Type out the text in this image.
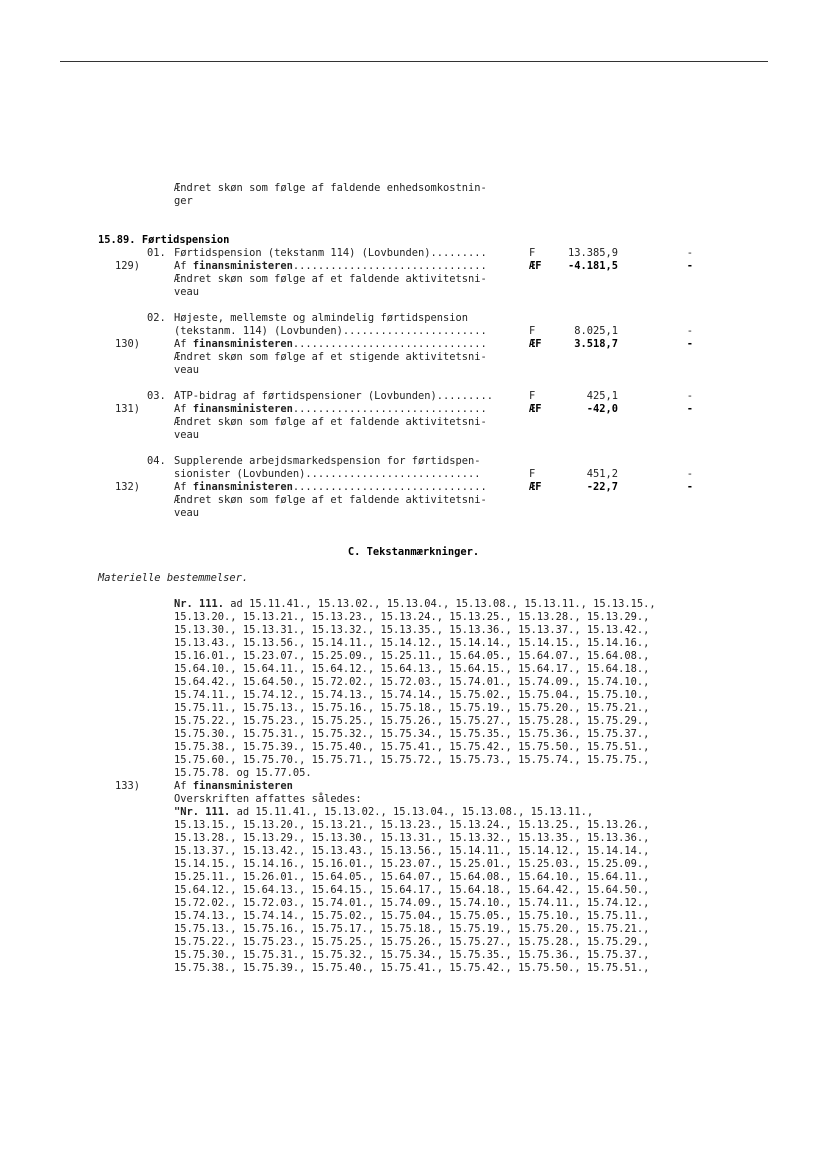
Ændret skøn som følge af faldende enhedsomkostnin-
ger
15.89. Førtidspension
01. Førtidspension (tekstanm 114) (Lovbunden).........	F	13.385,9	-
129)	Af finansministeren...............................	ÆF	-4.181,5	-
Ændret skøn som følge af et faldende aktivitetsni-
veau
02. Højeste, mellemste og almindelig førtidspension
(tekstanm. 114) (Lovbunden).......................	F	8.025,1	-
130)	Af finansministeren...............................	ÆF	3.518,7	-
Ændret skøn som følge af et stigende aktivitetsni-
veau
03. ATP-bidrag af førtidspensioner (Lovbunden).........	F	425,1	-
131)	Af finansministeren...............................	ÆF	-42,0	-
Ændret skøn som følge af et faldende aktivitetsni-
veau
04. Supplerende arbejdsmarkedspension for førtidspen-
sionister (Lovbunden)............................	F	451,2	-
132)	Af finansministeren...............................	ÆF	-22,7	-
Ændret skøn som følge af et faldende aktivitetsni-
veau
C. Tekstanmærkninger.
Materielle bestemmelser.
Nr. 111. ad 15.11.41., 15.13.02., 15.13.04., 15.13.08., 15.13.11., 15.13.15.,
15.13.20., 15.13.21., 15.13.23., 15.13.24., 15.13.25., 15.13.28., 15.13.29.,
15.13.30., 15.13.31., 15.13.32., 15.13.35., 15.13.36., 15.13.37., 15.13.42.,
15.13.43., 15.13.56., 15.14.11., 15.14.12., 15.14.14., 15.14.15., 15.14.16.,
15.16.01., 15.23.07., 15.25.09., 15.25.11., 15.64.05., 15.64.07., 15.64.08.,
15.64.10., 15.64.11., 15.64.12., 15.64.13., 15.64.15., 15.64.17., 15.64.18.,
15.64.42., 15.64.50., 15.72.02., 15.72.03., 15.74.01., 15.74.09., 15.74.10.,
15.74.11., 15.74.12., 15.74.13., 15.74.14., 15.75.02., 15.75.04., 15.75.10.,
15.75.11., 15.75.13., 15.75.16., 15.75.18., 15.75.19., 15.75.20., 15.75.21.,
15.75.22., 15.75.23., 15.75.25., 15.75.26., 15.75.27., 15.75.28., 15.75.29.,
15.75.30., 15.75.31., 15.75.32., 15.75.34., 15.75.35., 15.75.36., 15.75.37.,
15.75.38., 15.75.39., 15.75.40., 15.75.41., 15.75.42., 15.75.50., 15.75.51.,
15.75.60., 15.75.70., 15.75.71., 15.75.72., 15.75.73., 15.75.74., 15.75.75.,
15.75.78. og 15.77.05.
133)	Af finansministeren
Overskriften affattes således:
"Nr. 111. ad 15.11.41., 15.13.02., 15.13.04., 15.13.08., 15.13.11.,
15.13.15., 15.13.20., 15.13.21., 15.13.23., 15.13.24., 15.13.25., 15.13.26.,
15.13.28., 15.13.29., 15.13.30., 15.13.31., 15.13.32., 15.13.35., 15.13.36.,
15.13.37., 15.13.42., 15.13.43., 15.13.56., 15.14.11., 15.14.12., 15.14.14.,
15.14.15., 15.14.16., 15.16.01., 15.23.07., 15.25.01., 15.25.03., 15.25.09.,
15.25.11., 15.26.01., 15.64.05., 15.64.07., 15.64.08., 15.64.10., 15.64.11.,
15.64.12., 15.64.13., 15.64.15., 15.64.17., 15.64.18., 15.64.42., 15.64.50.,
15.72.02., 15.72.03., 15.74.01., 15.74.09., 15.74.10., 15.74.11., 15.74.12.,
15.74.13., 15.74.14., 15.75.02., 15.75.04., 15.75.05., 15.75.10., 15.75.11.,
15.75.13., 15.75.16., 15.75.17., 15.75.18., 15.75.19., 15.75.20., 15.75.21.,
15.75.22., 15.75.23., 15.75.25., 15.75.26., 15.75.27., 15.75.28., 15.75.29.,
15.75.30., 15.75.31., 15.75.32., 15.75.34., 15.75.35., 15.75.36., 15.75.37.,
15.75.38., 15.75.39., 15.75.40., 15.75.41., 15.75.42., 15.75.50., 15.75.51.,
